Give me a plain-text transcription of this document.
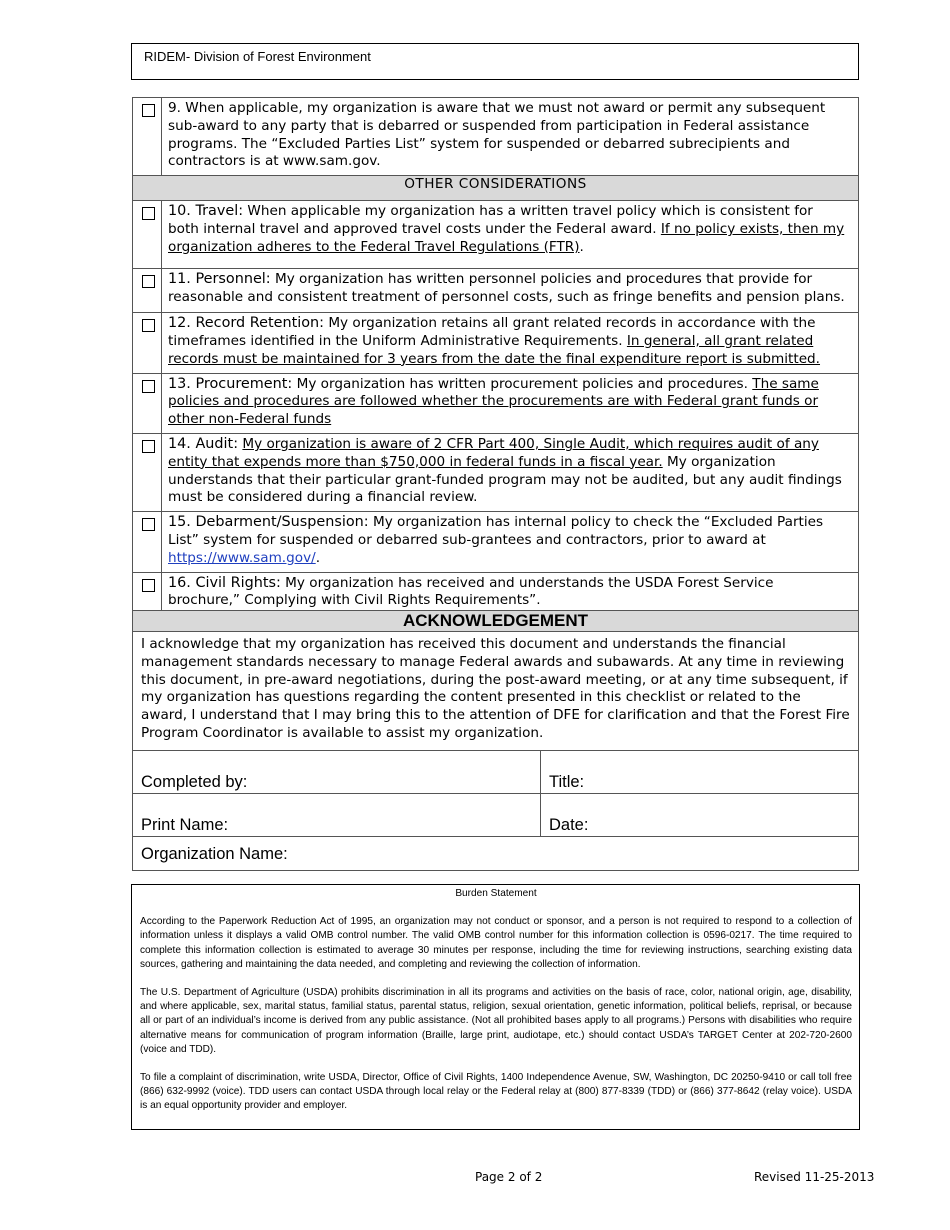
RIDEM- Division of Forest Environment
	9. When applicable, my organization is aware that we must not award or permit any subsequent sub-award to any party that is debarred or suspended from participation in Federal assistance programs. The “Excluded Parties List” system for suspended or debarred subrecipients and contractors is at www.sam.gov.
OTHER CONSIDERATIONS	

	10. Travel: When applicable my organization has a written travel policy which is consistent for both internal travel and approved travel costs under the Federal award. If no policy exists, then my organization adheres to the Federal Travel Regulations (FTR).

	11. Personnel: My organization has written personnel policies and procedures that provide for reasonable and consistent treatment of personnel costs, such as fringe benefits and pension plans.

	12. Record Retention: My organization retains all grant related records in accordance with the timeframes identified in the Uniform Administrative Requirements. In general, all grant related records must be maintained for 3 years from the date the final expenditure report is submitted.

	13. Procurement: My organization has written procurement policies and procedures. The same policies and procedures are followed whether the procurements are with Federal grant funds or other non-Federal funds

	14. Audit: My organization is aware of 2 CFR Part 400, Single Audit, which requires audit of any entity that expends more than $750,000 in federal funds in a fiscal year. My organization understands that their particular grant-funded program may not be audited, but any audit findings must be considered during a financial review.

	15. Debarment/Suspension: My organization has internal policy to check the “Excluded Parties List” system for suspended or debarred sub-grantees and contractors, prior to award at https://www.sam.gov/.

	16. Civil Rights: My organization has received and understands the USDA Forest Service brochure,” Complying with Civil Rights Requirements”.
ACKNOWLEDGEMENT	
I acknowledge that my organization has received this document and understands the financial management standards necessary to manage Federal awards and subawards. At any time in reviewing this document, in pre-award negotiations, during the post-award meeting, or at any time subsequent, if my organization has questions regarding the content presented in this checklist or related to the award, I understand that I may bring this to the attention of DFE for clarification and that the Forest Fire Program Coordinator is available to assist my organization.	
Completed by:	Title:
Print Name:	Date:
Organization Name:	
Burden Statement

According to the Paperwork Reduction Act of 1995, an organization may not conduct or sponsor, and a person is not required to respond to a collection of information unless it displays a valid OMB control number. The valid OMB control number for this information collection is 0596-0217. The time required to complete this information collection is estimated to average 30 minutes per response, including the time for reviewing instructions, searching existing data sources, gathering and maintaining the data needed, and completing and reviewing the collection of information.

The U.S. Department of Agriculture (USDA) prohibits discrimination in all its programs and activities on the basis of race, color, national origin, age, disability, and where applicable, sex, marital status, familial status, parental status, religion, sexual orientation, genetic information, political beliefs, reprisal, or because all or part of an individual’s income is derived from any public assistance. (Not all prohibited bases apply to all programs.) Persons with disabilities who require alternative means for communication of program information (Braille, large print, audiotape, etc.) should contact USDA’s TARGET Center at 202-720-2600 (voice and TDD).

To file a complaint of discrimination, write USDA, Director, Office of Civil Rights, 1400 Independence Avenue, SW, Washington, DC 20250-9410 or call toll free (866) 632-9992 (voice). TDD users can contact USDA through local relay or the Federal relay at (800) 877-8339 (TDD) or (866) 377-8642 (relay voice). USDA is an equal opportunity provider and employer.

Page 2 of 2	Revised 11-25-2013
